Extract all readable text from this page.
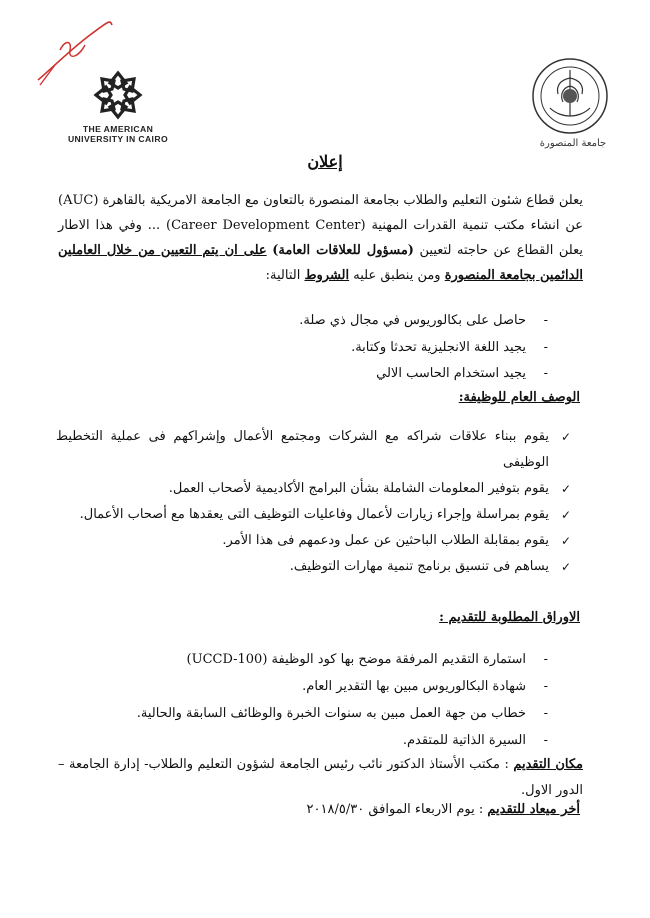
THE AMERICAN
UNIVERSITY IN CAIRO	جامعة المنصورة
إعلان

يعلن قطاع شئون التعليم والطلاب بجامعة المنصورة بالتعاون مع الجامعة الامريكية بالقاهرة (AUC) عن انشاء مكتب تنمية القدرات المهنية (Career Development Center) ... وفي هذا الاطار يعلن القطاع عن حاجته لتعيين (مسؤول للعلاقات العامة) على ان يتم التعيين من خلال العاملين الدائمين بجامعة المنصورة ومن ينطبق عليه الشروط التالية:

-
حاصل على بكالوريوس في مجال ذي صلة.
-
يجيد اللغة الانجليزية تحدثا وكتابة.
-
يجيد استخدام الحاسب الالي
الوصف العام للوظيفة:
✓
يقوم ببناء علاقات شراكه مع الشركات ومجتمع الأعمال وإشراكهم فى عملية التخطيط الوظيفى
✓
يقوم بتوفير المعلومات الشاملة بشأن البرامج الأكاديمية لأصحاب العمل.
✓
يقوم بمراسلة وإجراء زيارات لأعمال وفاعليات التوظيف التى يعقدها مع أصحاب الأعمال.
✓
يقوم بمقابلة الطلاب الباحثين عن عمل ودعمهم فى هذا الأمر.
✓
يساهم فى تنسيق برنامج تنمية مهارات التوظيف.
الاوراق المطلوبة للتقديم :
-
استمارة التقديم المرفقة موضح بها كود الوظيفة (UCCD-100)
-
شهادة البكالوريوس مبين بها التقدير العام.
-
خطاب من جهة العمل مبين به سنوات الخبرة والوظائف السابقة والحالية.
-
السيرة الذاتية للمتقدم.

مكان التقديم : مكتب الأستاذ الدكتور نائب رئيس الجامعة لشؤون التعليم والطلاب- إدارة الجامعة – الدور الاول.

أخر ميعاد للتقديم : يوم الاربعاء الموافق ٢٠١٨/٥/٣٠
